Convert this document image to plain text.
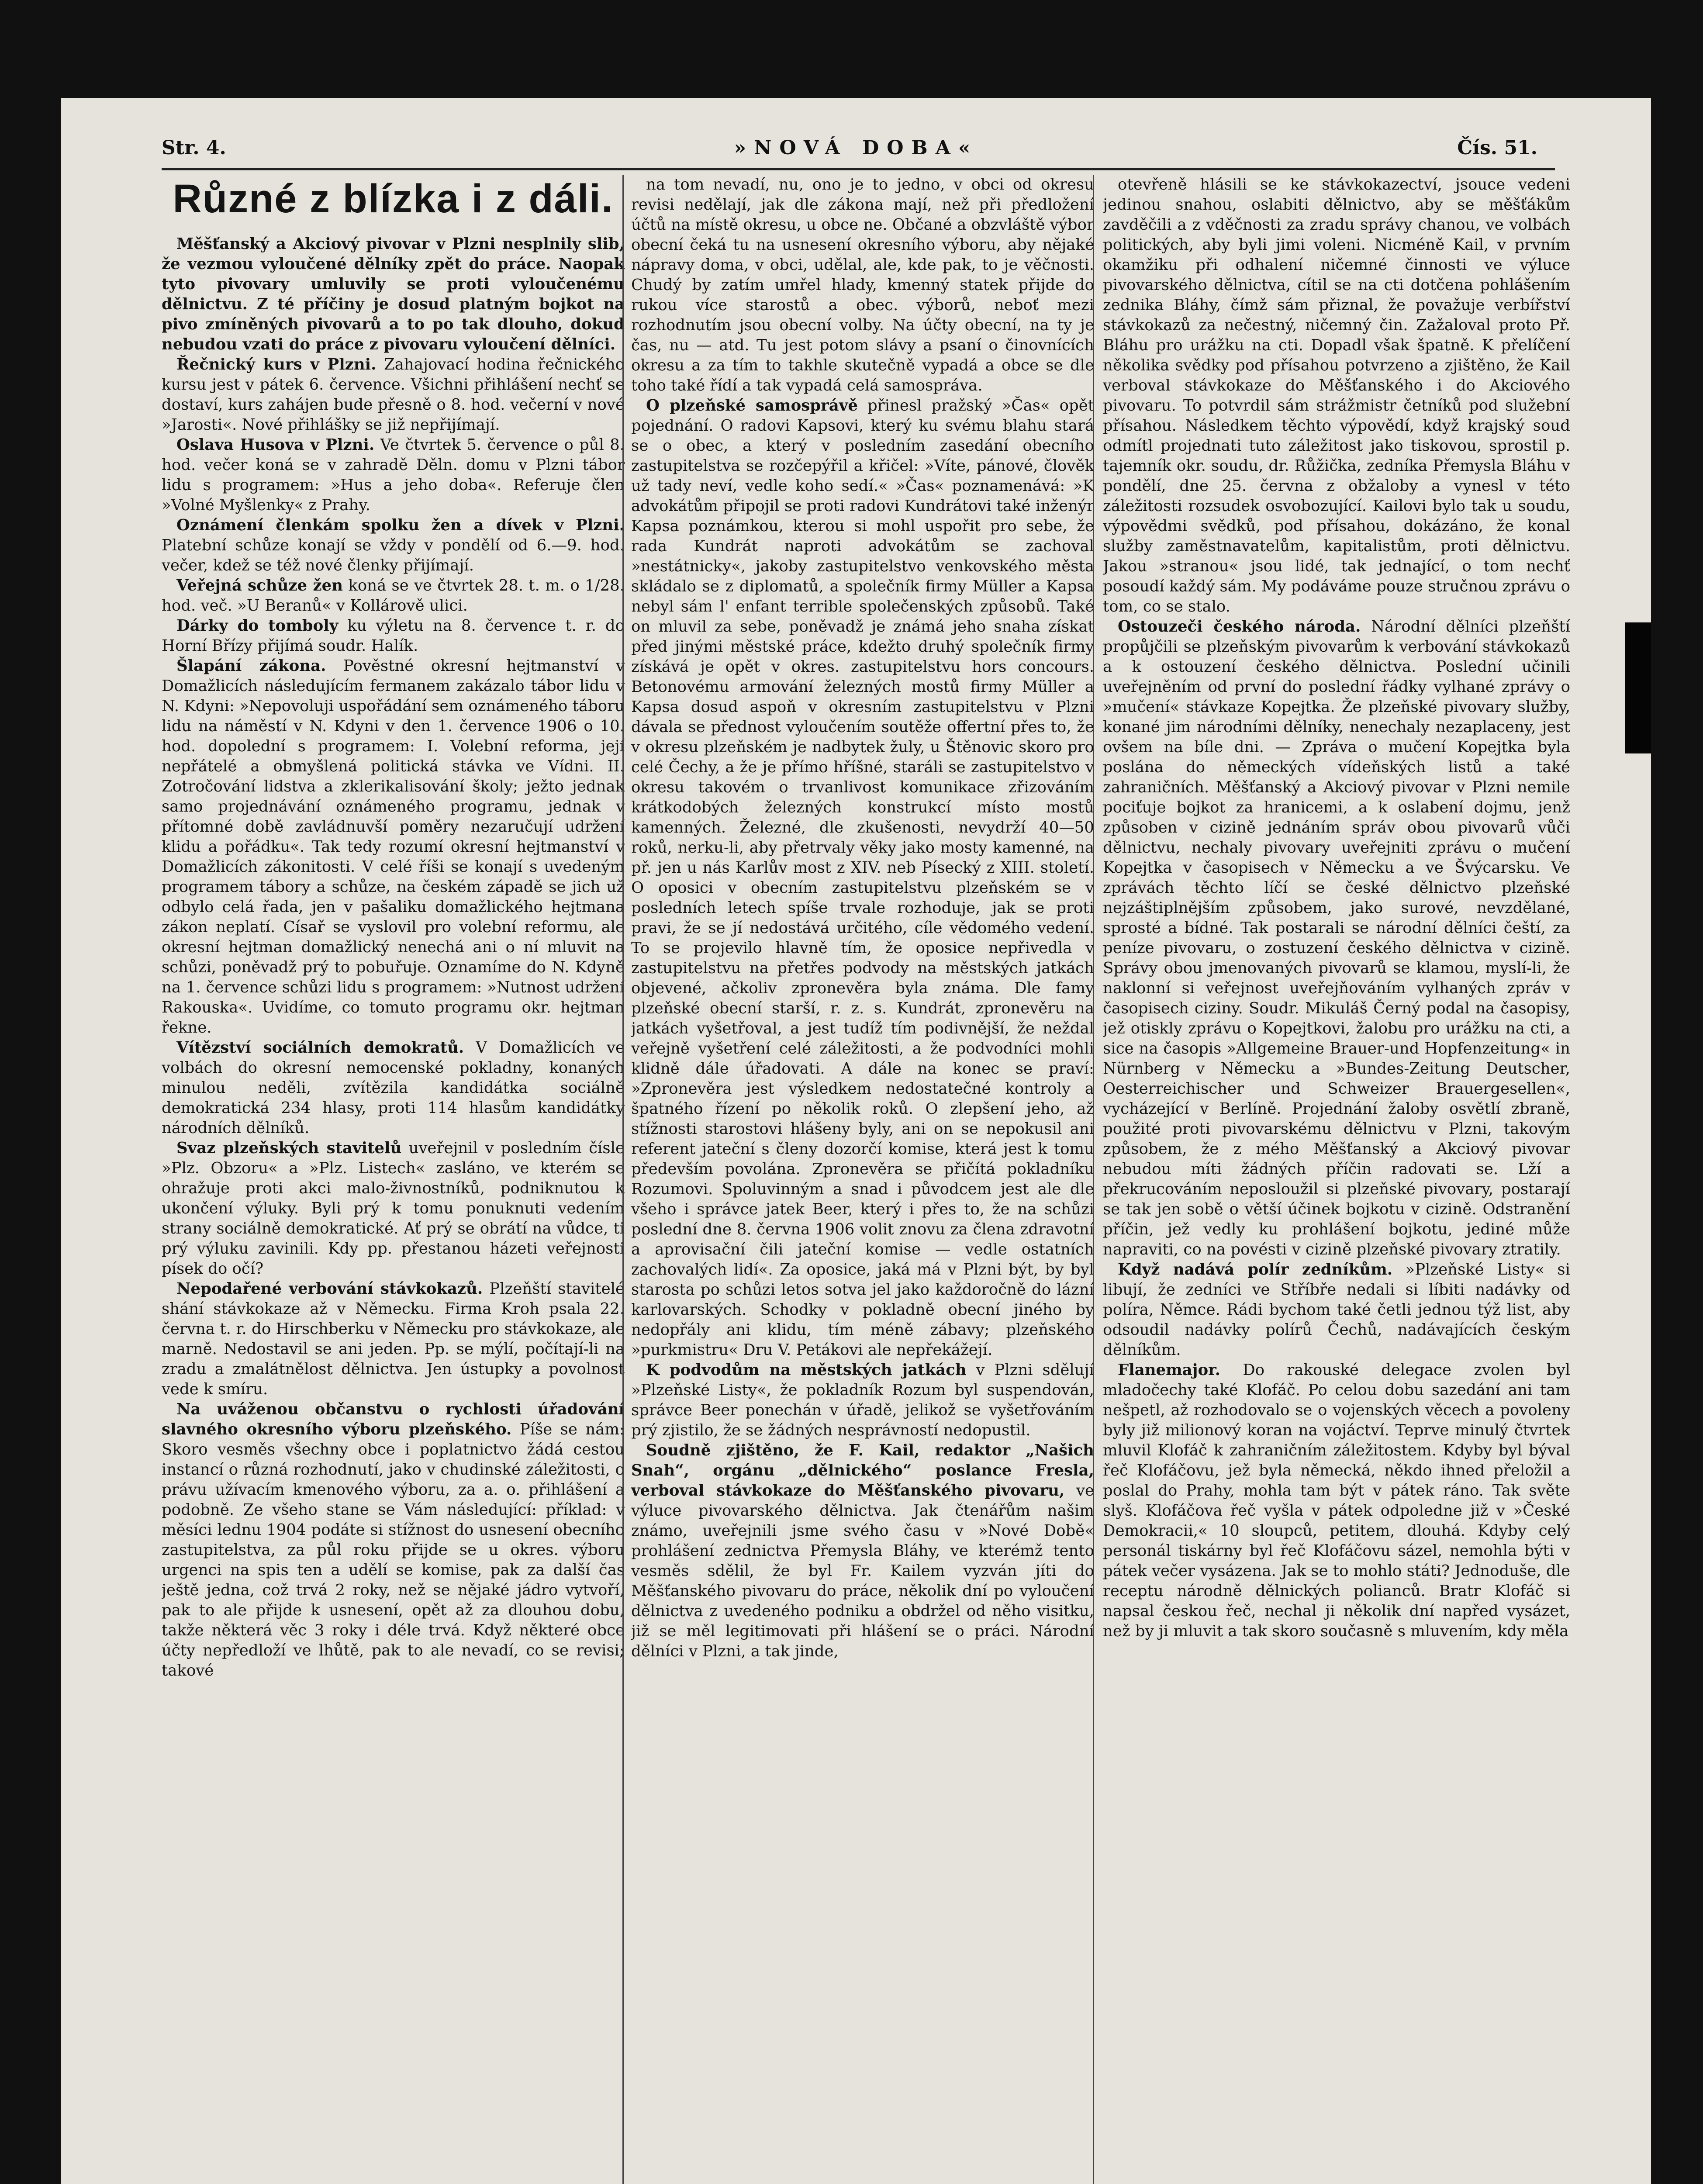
Str. 4.	»NOVÁ DOBA«	Čís. 51.
Různé z blízka i z dáli.

Měšťanský a Akciový pivovar v Plzni nesplnily slib, že vezmou vyloučené dělníky zpět do práce. Naopak tyto pivovary umluvily se proti vyloučenému dělnictvu. Z té příčiny je dosud platným bojkot na pivo zmíněných pivovarů a to po tak dlouho, dokud nebudou vzati do práce z pivovaru vyloučení dělníci.

Řečnický kurs v Plzni. Zahajovací hodina řečnického kursu jest v pátek 6. července. Všichni přihlášení nechť se dostaví, kurs zahájen bude přesně o 8. hod. večerní v nové »Jarosti«. Nové přihlášky se již nepřijímají.

Oslava Husova v Plzni. Ve čtvrtek 5. července o půl 8. hod. večer koná se v zahradě Děln. domu v Plzni tábor lidu s programem: »Hus a jeho doba«. Referuje člen »Volné Myšlenky« z Prahy.

Oznámení členkám spolku žen a dívek v Plzni. Platební schůze konají se vždy v pondělí od 6.—9. hod. večer, kdež se též nové členky přijímají.

Veřejná schůze žen koná se ve čtvrtek 28. t. m. o 1/28. hod. več. »U Beranů« v Kollárově ulici.

Dárky do tomboly ku výletu na 8. července t. r. do Horní Břízy přijímá soudr. Halík.

Šlapání zákona. Pověstné okresní hejtmanství v Domažlicích následujícím fermanem zakázalo tábor lidu v N. Kdyni: »Nepovoluji uspořádání sem oznámeného táboru lidu na náměstí v N. Kdyni v den 1. července 1906 o 10. hod. dopolední s programem: I. Volební reforma, její nepřátelé a obmyšlená politická stávka ve Vídni. II. Zotročování lidstva a zklerikalisování školy; ježto jednak samo projednávání oznámeného programu, jednak v přítomné době zavládnuvší poměry nezaručují udržení klidu a pořádku«. Tak tedy rozumí okresní hejtmanství v Domažlicích zákonitosti. V celé říši se konají s uvedeným programem tábory a schůze, na českém západě se jich už odbylo celá řada, jen v pašaliku domažlického hejtmana zákon neplatí. Císař se vyslovil pro volební reformu, ale okresní hejtman domažlický nenechá ani o ní mluvit na schůzi, poněvadž prý to pobuřuje. Oznamíme do N. Kdyně na 1. července schůzi lidu s programem: »Nutnost udržení Rakouska«. Uvidíme, co tomuto programu okr. hejtman řekne.

Vítězství sociálních demokratů. V Domažlicích ve volbách do okresní nemocenské pokladny, konaných minulou neděli, zvítězila kandidátka sociálně demokratická 234 hlasy, proti 114 hlasům kandidátky národních dělníků.

Svaz plzeňských stavitelů uveřejnil v posledním čísle »Plz. Obzoru« a »Plz. Listech« zasláno, ve kterém se ohražuje proti akci malo-živnostníků, podniknutou k ukončení výluky. Byli prý k tomu ponuknuti vedením strany sociálně demokratické. Ať prý se obrátí na vůdce, ti prý výluku zavinili. Kdy pp. přestanou házeti veřejnosti písek do očí?

Nepodařené verbování stávkokazů. Plzeňští stavitelé shání stávkokaze až v Německu. Firma Kroh psala 22. června t. r. do Hirschberku v Německu pro stávkokaze, ale marně. Nedostavil se ani jeden. Pp. se mýlí, počítají-li na zradu a zmalátnělost dělnictva. Jen ústupky a povolnost vede k smíru.

Na uváženou občanstvu o rychlosti úřadování slavného okresního výboru plzeňského. Píše se nám: Skoro vesměs všechny obce i poplatnictvo žádá cestou instancí o různá rozhodnutí, jako v chudinské záležitosti, o právu užívacím kmenového výboru, za a. o. přihlášení a podobně. Ze všeho stane se Vám následující: příklad: v měsíci lednu 1904 podáte si stížnost do usnesení obecního zastupitelstva, za půl roku přijde se u okres. výboru urgenci na spis ten a udělí se komise, pak za další čas ještě jedna, což trvá 2 roky, než se nějaké jádro vytvoří, pak to ale přijde k usnesení, opět až za dlouhou dobu, takže některá věc 3 roky i déle trvá. Když některé obce účty nepředloží ve lhůtě, pak to ale nevadí, co se revisi; takové

na tom nevadí, nu, ono je to jedno, v obci od okresu revisi nedělají, jak dle zákona mají, než při předložení účtů na místě okresu, u obce ne. Občané a obzvláště výbor obecní čeká tu na usnesení okresního výboru, aby nějaké nápravy doma, v obci, udělal, ale, kde pak, to je věčnosti. Chudý by zatím umřel hlady, kmenný statek přijde do rukou více starostů a obec. výborů, neboť mezi rozhodnutím jsou obecní volby. Na účty obecní, na ty je čas, nu — atd. Tu jest potom slávy a psaní o činovnících okresu a za tím to takhle skutečně vypadá a obce se dle toho také řídí a tak vypadá celá samospráva.

O plzeňské samosprávě přinesl pražský »Čas« opět pojednání. O radovi Kapsovi, který ku svému blahu stará se o obec, a který v posledním zasedání obecního zastupitelstva se rozčepýřil a křičel: »Víte, pánové, člověk už tady neví, vedle koho sedí.« »Čas« poznamenává: »K advokátům připojil se proti radovi Kundrátovi také inženýr Kapsa poznámkou, kterou si mohl uspořit pro sebe, že rada Kundrát naproti advokátům se zachoval »nestátnicky«, jakoby zastupitelstvo venkovského města skládalo se z diplomatů, a společník firmy Müller a Kapsa nebyl sám l' enfant terrible společenských způsobů. Také on mluvil za sebe, poněvadž je známá jeho snaha získat před jinými městské práce, kdežto druhý společník firmy získává je opět v okres. zastupitelstvu hors concours. Betonovému armování železných mostů firmy Müller a Kapsa dosud aspoň v okresním zastupitelstvu v Plzni dávala se přednost vyloučením soutěže offertní přes to, že v okresu plzeňském je nadbytek žuly, u Štěnovic skoro pro celé Čechy, a že je přímo hříšné, staráli se zastupitelstvo v okresu takovém o trvanlivost komunikace zřizováním krátkodobých železných konstrukcí místo mostů kamenných. Železné, dle zkušenosti, nevydrží 40—50 roků, nerku-li, aby přetrvaly věky jako mosty kamenné, na př. jen u nás Karlův most z XIV. neb Písecký z XIII. století. O oposici v obecním zastupitelstvu plzeňském se v posledních letech spíše trvale rozhoduje, jak se proti pravi, že se jí nedostává určitého, cíle vědomého vedení. To se projevilo hlavně tím, že oposice nepřivedla v zastupitelstvu na přetřes podvody na městských jatkách objevené, ačkoliv zpronevěra byla známa. Dle famy plzeňské obecní starší, r. z. s. Kundrát, zpronevěru na jatkách vyšetřoval, a jest tudíž tím podivnější, že neždal veřejně vyšetření celé záležitosti, a že podvodníci mohli klidně dále úřadovati. A dále na konec se praví: »Zpronevěra jest výsledkem nedostatečné kontroly a špatného řízení po několik roků. O zlepšení jeho, až stížnosti starostovi hlášeny byly, ani on se nepokusil ani referent jateční s členy dozorčí komise, která jest k tomu především povolána. Zpronevěra se přičítá pokladníku Rozumovi. Spoluvinným a snad i původcem jest ale dle všeho i správce jatek Beer, který i přes to, že na schůzi poslední dne 8. června 1906 volit znovu za člena zdravotní a aprovisační čili jateční komise — vedle ostatních zachovalých lidí«. Za oposice, jaká má v Plzni být, by byl starosta po schůzi letos sotva jel jako každoročně do lázní karlovarských. Schodky v pokladně obecní jiného by nedopřály ani klidu, tím méně zábavy; plzeňského »purkmistru« Dru V. Petákovi ale nepřekážejí.

K podvodům na městských jatkách v Plzni sdělují »Plzeňské Listy«, že pokladník Rozum byl suspendován, správce Beer ponechán v úřadě, jelikož se vyšetřováním prý zjistilo, že se žádných nesprávností nedopustil.

Soudně zjištěno, že F. Kail, redaktor „Našich Snah“, orgánu „dělnického“ poslance Fresla, verboval stávkokaze do Měšťanského pivovaru, ve výluce pivovarského dělnictva. Jak čtenářům našim známo, uveřejnili jsme svého času v »Nové Době« prohlášení zednictva Přemysla Bláhy, ve kterémž tento vesměs sdělil, že byl Fr. Kailem vyzván jíti do Měšťanského pivovaru do práce, několik dní po vyloučení dělnictva z uvedeného podniku a obdržel od něho visitku, již se měl legitimovati při hlášení se o práci. Národní dělníci v Plzni, a tak jinde,

otevřeně hlásili se ke stávkokazectví, jsouce vedeni jedinou snahou, oslabiti dělnictvo, aby se měšťákům zavděčili a z vděčnosti za zradu správy chanou, ve volbách politických, aby byli jimi voleni. Nicméně Kail, v prvním okamžiku při odhalení ničemné činnosti ve výluce pivovarského dělnictva, cítil se na cti dotčena pohlášením zednika Bláhy, čímž sám přiznal, že považuje verbířství stávkokazů za nečestný, ničemný čin. Zažaloval proto Př. Bláhu pro urážku na cti. Dopadl však špatně. K přelíčení několika svědky pod přísahou potvrzeno a zjištěno, že Kail verboval stávkokaze do Měšťanského i do Akciového pivovaru. To potvrdil sám strážmistr četníků pod služební přísahou. Následkem těchto výpovědí, když krajský soud odmítl projednati tuto záležitost jako tiskovou, sprostil p. tajemník okr. soudu, dr. Růžička, zedníka Přemysla Bláhu v pondělí, dne 25. června z obžaloby a vynesl v této záležitosti rozsudek osvobozující. Kailovi bylo tak u soudu, výpovědmi svědků, pod přísahou, dokázáno, že konal služby zaměstnavatelům, kapitalistům, proti dělnictvu. Jakou »stranou« jsou lidé, tak jednající, o tom nechť posoudí každý sám. My podáváme pouze stručnou zprávu o tom, co se stalo.

Ostouzeči českého národa. Národní dělníci plzeňští propůjčili se plzeňským pivovarům k verbování stávkokazů a k ostouzení českého dělnictva. Poslední učinili uveřejněním od první do poslední řádky vylhané zprávy o »mučení« stávkaze Kopejtka. Že plzeňské pivovary služby, konané jim národními dělníky, nenechaly nezaplaceny, jest ovšem na bíle dni. — Zpráva o mučení Kopejtka byla poslána do německých vídeňských listů a také zahraničních. Měšťanský a Akciový pivovar v Plzni nemile pociťuje bojkot za hranicemi, a k oslabení dojmu, jenž způsoben v cizině jednáním správ obou pivovarů vůči dělnictvu, nechaly pivovary uveřejniti zprávu o mučení Kopejtka v časopisech v Německu a ve Švýcarsku. Ve zprávách těchto líčí se české dělnictvo plzeňské nejzáštiplnějším způsobem, jako surové, nevzdělané, sprosté a bídné. Tak postarali se národní dělníci čeští, za peníze pivovaru, o zostuzení českého dělnictva v cizině. Správy obou jmenovaných pivovarů se klamou, myslí-li, že naklonní si veřejnost uveřejňováním vylhaných zpráv v časopisech ciziny. Soudr. Mikuláš Černý podal na časopisy, jež otiskly zprávu o Kopejtkovi, žalobu pro urážku na cti, a sice na časopis »Allgemeine Brauer-und Hopfenzeitung« in Nürnberg v Německu a »Bundes-Zeitung Deutscher, Oesterreichischer und Schweizer Brauergesellen«, vycházející v Berlíně. Projednání žaloby osvětlí zbraně, použité proti pivovarskému dělnictvu v Plzni, takovým způsobem, že z mého Měšťanský a Akciový pivovar nebudou míti žádných příčin radovati se. Lží a překrucováním neposloužil si plzeňské pivovary, postarají se tak jen sobě o větší účinek bojkotu v cizině. Odstranění příčin, jež vedly ku prohlášení bojkotu, jediné může napraviti, co na povésti v cizině plzeňské pivovary ztratily.

Když nadává polír zedníkům. »Plzeňské Listy« si libují, že zedníci ve Stříbře nedali si líbiti nadávky od políra, Němce. Rádi bychom také četli jednou týž list, aby odsoudil nadávky polírů Čechů, nadávajících českým dělníkům.

Flanemajor. Do rakouské delegace zvolen byl mladočechy také Klofáč. Po celou dobu sazedání ani tam nešpetl, až rozhodovalo se o vojenských věcech a povoleny byly již milionový koran na vojáctví. Teprve minulý čtvrtek mluvil Klofáč k zahraničním záležitostem. Kdyby byl býval řeč Klofáčovu, jež byla německá, někdo ihned přeložil a poslal do Prahy, mohla tam být v pátek ráno. Tak světe slyš. Klofáčova řeč vyšla v pátek odpoledne již v »České Demokracii,« 10 sloupců, petitem, dlouhá. Kdyby celý personál tiskárny byl řeč Klofáčovu sázel, nemohla býti v pátek večer vysázena. Jak se to mohlo státi? Jednoduše, dle receptu národně dělnických polianců. Bratr Klofáč si napsal českou řeč, nechal ji několik dní napřed vysázet, než by ji mluvit a tak skoro současně s mluvením, kdy měla
